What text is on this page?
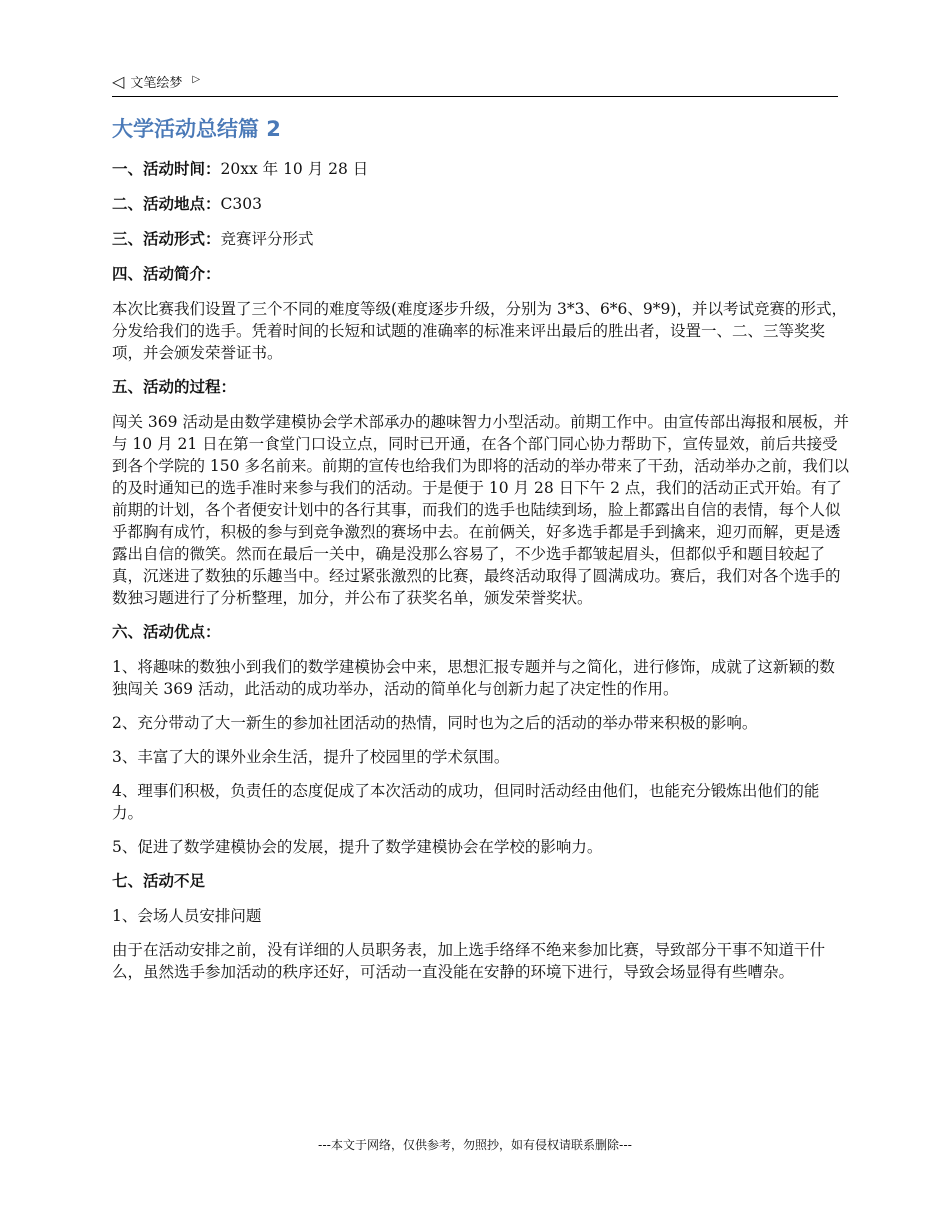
◁ 文笔绘梦 ▷
大学活动总结篇 2
一、活动时间：20xx 年 10 月 28 日
二、活动地点：C303
三、活动形式：竞赛评分形式
四、活动简介：

本次比赛我们设置了三个不同的难度等级(难度逐步升级，分别为 3*3、6*6、9*9)，并以考试竞赛的形式，分发给我们的选手。凭着时间的长短和试题的准确率的标准来评出最后的胜出者，设置一、二、三等奖奖项，并会颁发荣誉证书。

五、活动的过程：

闯关 369 活动是由数学建模协会学术部承办的趣味智力小型活动。前期工作中。由宣传部出海报和展板，并与 10 月 21 日在第一食堂门口设立点，同时已开通，在各个部门同心协力帮助下，宣传显效，前后共接受到各个学院的 150 多名前来。前期的宣传也给我们为即将的活动的举办带来了干劲，活动举办之前，我们以的及时通知已的选手准时来参与我们的活动。于是便于 10 月 28 日下午 2 点，我们的活动正式开始。有了前期的计划，各个者便安计划中的各行其事，而我们的选手也陆续到场，脸上都露出自信的表情，每个人似乎都胸有成竹，积极的参与到竞争激烈的赛场中去。在前俩关，好多选手都是手到擒来，迎刃而解，更是透露出自信的微笑。然而在最后一关中，确是没那么容易了，不少选手都皱起眉头，但都似乎和题目较起了真，沉迷进了数独的乐趣当中。经过紧张激烈的比赛，最终活动取得了圆满成功。赛后，我们对各个选手的数独习题进行了分析整理，加分，并公布了获奖名单，颁发荣誉奖状。

六、活动优点：

1、将趣味的数独小到我们的数学建模协会中来，思想汇报专题并与之简化，进行修饰，成就了这新颖的数独闯关 369 活动，此活动的成功举办，活动的简单化与创新力起了决定性的作用。

2、充分带动了大一新生的参加社团活动的热情，同时也为之后的活动的举办带来积极的影响。

3、丰富了大的课外业余生活，提升了校园里的学术氛围。

4、理事们积极，负责任的态度促成了本次活动的成功，但同时活动经由他们，也能充分锻炼出他们的能力。

5、促进了数学建模协会的发展，提升了数学建模协会在学校的影响力。

七、活动不足

1、会场人员安排问题

由于在活动安排之前，没有详细的人员职务表，加上选手络绎不绝来参加比赛，导致部分干事不知道干什么，虽然选手参加活动的秩序还好，可活动一直没能在安静的环境下进行，导致会场显得有些嘈杂。

---本文于网络，仅供参考，勿照抄，如有侵权请联系删除---
